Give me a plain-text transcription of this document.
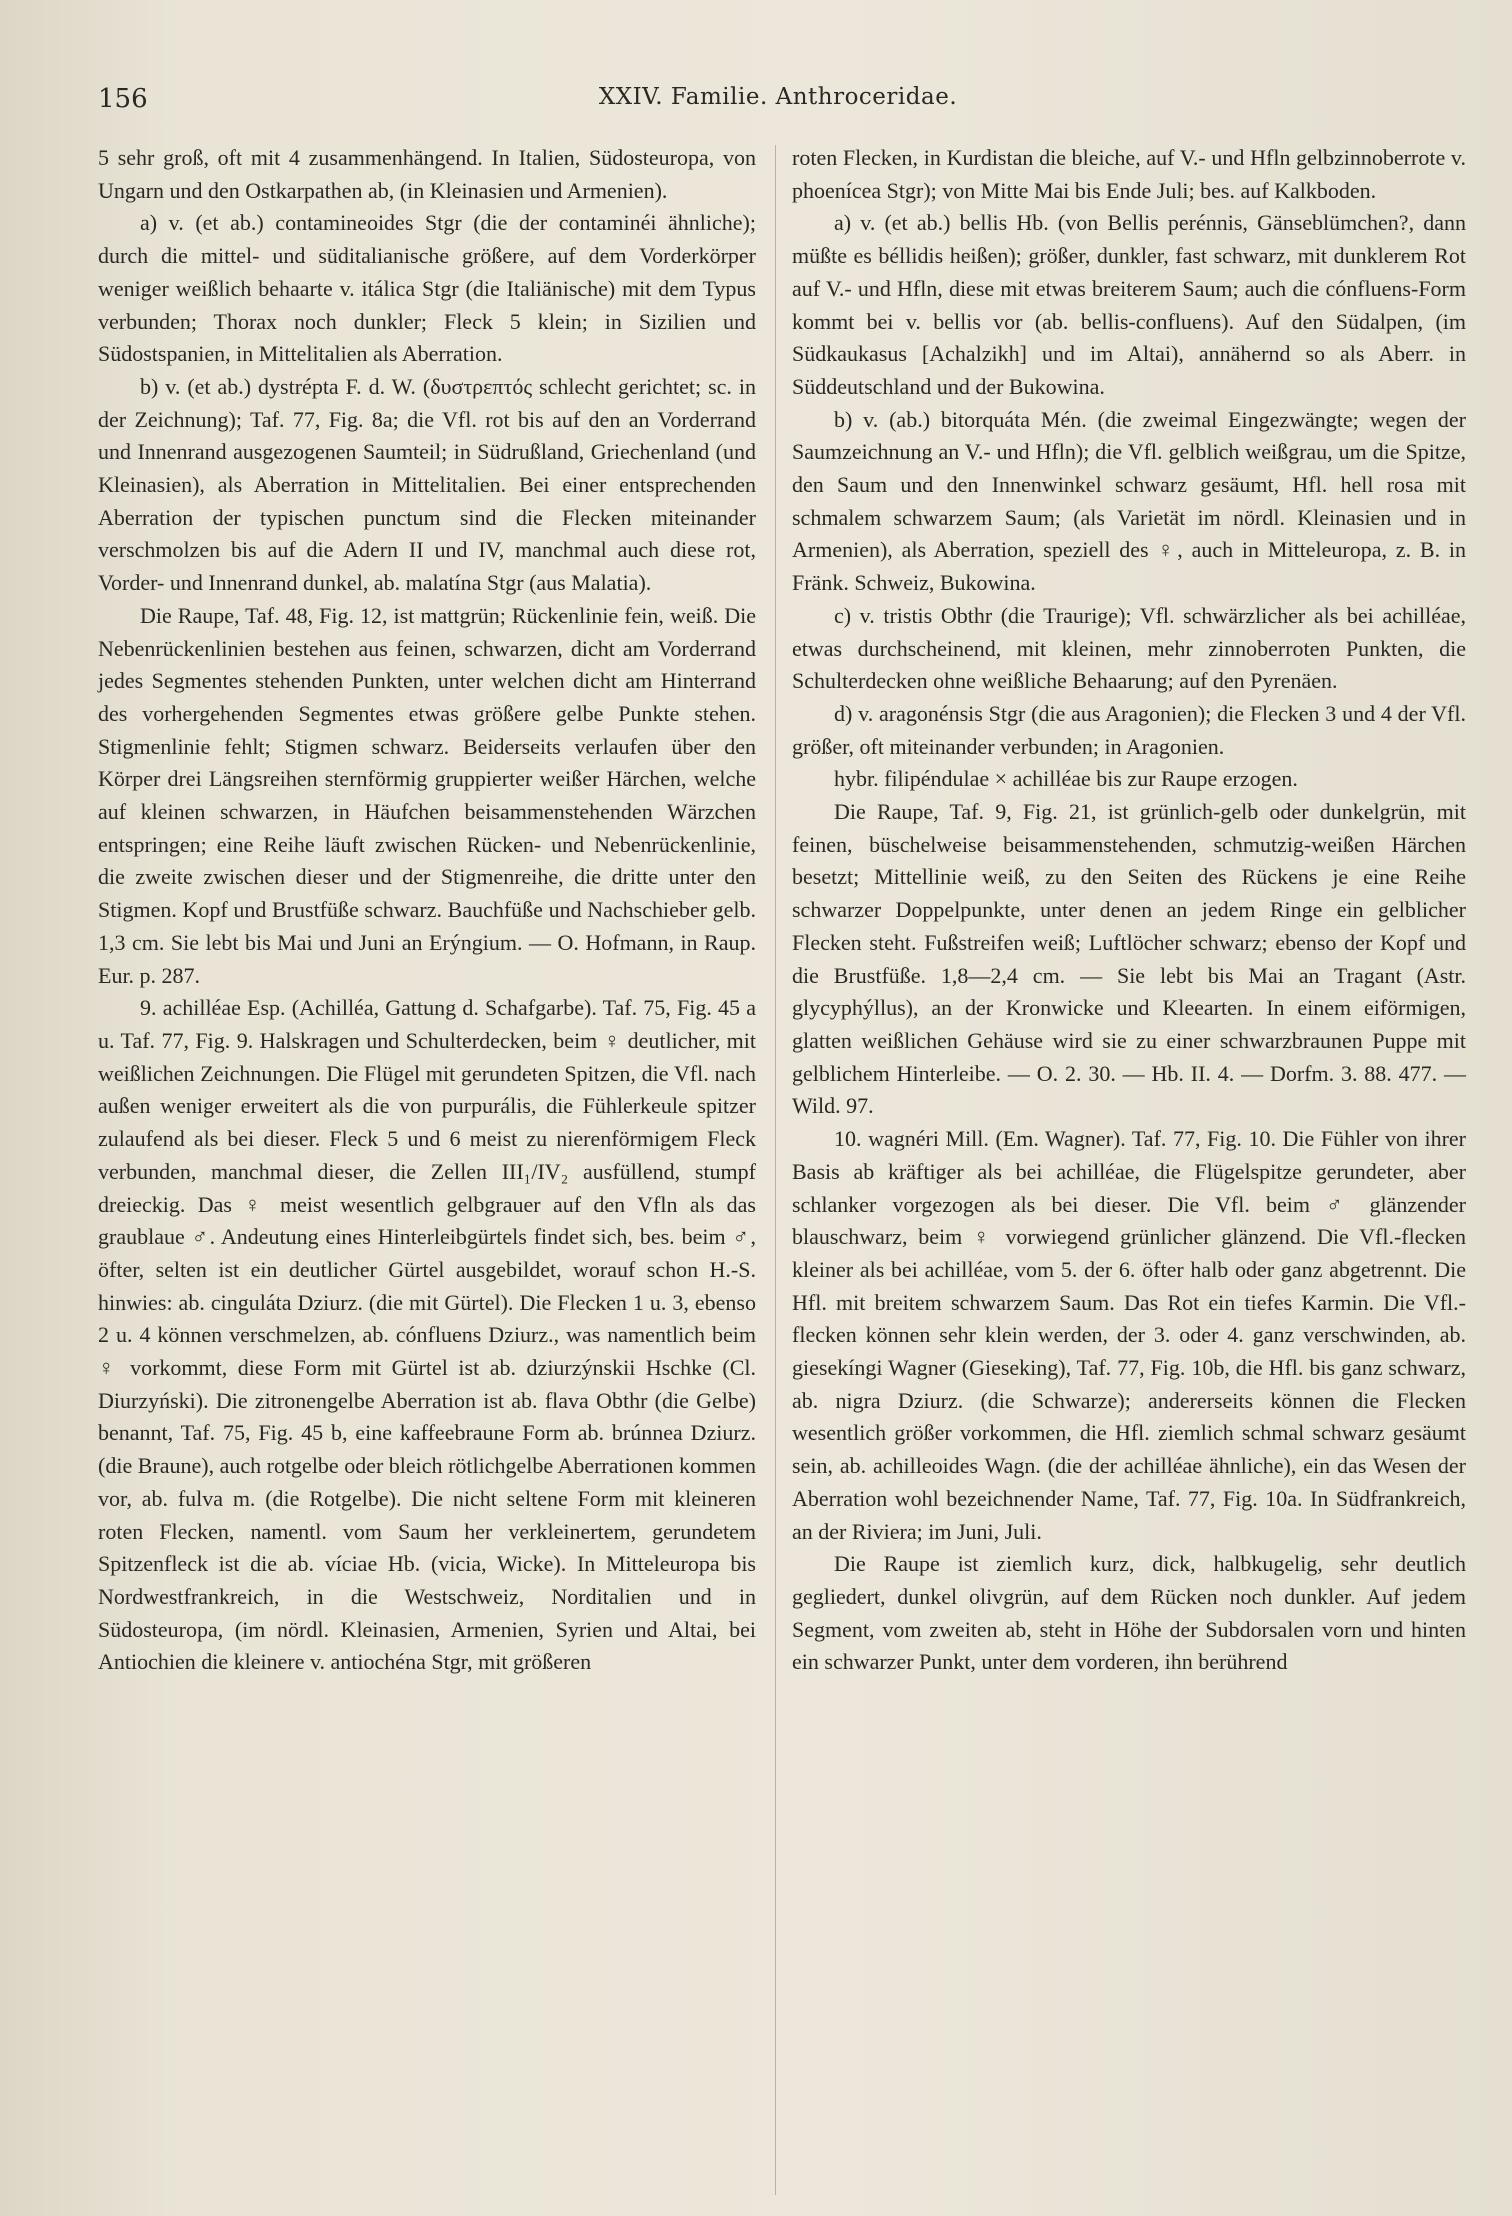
156	XXIV. Familie. Anthroceridae.

5 sehr groß, oft mit 4 zusammenhängend. In Italien, Südosteuropa, von Ungarn und den Ostkarpathen ab, (in Kleinasien und Armenien).

a) v. (et ab.) contamineoides Stgr (die der contaminéi ähnliche); durch die mittel- und süditalianische größere, auf dem Vorderkörper weniger weißlich behaarte v. itálica Stgr (die Italiänische) mit dem Typus verbunden; Thorax noch dunkler; Fleck 5 klein; in Sizilien und Südostspanien, in Mittelitalien als Aberration.

b) v. (et ab.) dystrépta F. d. W. (δυστρεπτός schlecht gerichtet; sc. in der Zeichnung); Taf. 77, Fig. 8a; die Vfl. rot bis auf den an Vorderrand und Innenrand ausgezogenen Saumteil; in Südrußland, Griechenland (und Kleinasien), als Aberration in Mittelitalien. Bei einer entsprechenden Aberration der typischen punctum sind die Flecken miteinander verschmolzen bis auf die Adern II und IV, manchmal auch diese rot, Vorder- und Innenrand dunkel, ab. malatína Stgr (aus Malatia).

Die Raupe, Taf. 48, Fig. 12, ist mattgrün; Rückenlinie fein, weiß. Die Nebenrückenlinien bestehen aus feinen, schwarzen, dicht am Vorderrand jedes Segmentes stehenden Punkten, unter welchen dicht am Hinterrand des vorhergehenden Segmentes etwas größere gelbe Punkte stehen. Stigmenlinie fehlt; Stigmen schwarz. Beiderseits verlaufen über den Körper drei Längsreihen sternförmig gruppierter weißer Härchen, welche auf kleinen schwarzen, in Häufchen beisammenstehenden Wärzchen entspringen; eine Reihe läuft zwischen Rücken- und Nebenrückenlinie, die zweite zwischen dieser und der Stigmenreihe, die dritte unter den Stigmen. Kopf und Brustfüße schwarz. Bauchfüße und Nachschieber gelb. 1,3 cm. Sie lebt bis Mai und Juni an Erýngium. — O. Hofmann, in Raup. Eur. p. 287.

9. achilléae Esp. (Achilléa, Gattung d. Schafgarbe). Taf. 75, Fig. 45 a u. Taf. 77, Fig. 9. Halskragen und Schulterdecken, beim ♀ deutlicher, mit weißlichen Zeichnungen. Die Flügel mit gerundeten Spitzen, die Vfl. nach außen weniger erweitert als die von purpurális, die Fühlerkeule spitzer zulaufend als bei dieser. Fleck 5 und 6 meist zu nierenförmigem Fleck verbunden, manchmal dieser, die Zellen III₁/IV₂ ausfüllend, stumpf dreieckig. Das ♀ meist wesentlich gelbgrauer auf den Vfln als das graublaue ♂. Andeutung eines Hinterleibgürtels findet sich, bes. beim ♂, öfter, selten ist ein deutlicher Gürtel ausgebildet, worauf schon H.-S. hinwies: ab. cinguláta Dziurz. (die mit Gürtel). Die Flecken 1 u. 3, ebenso 2 u. 4 können verschmelzen, ab. cónfluens Dziurz., was namentlich beim ♀ vorkommt, diese Form mit Gürtel ist ab. dziurzýnskii Hschke (Cl. Diurzyński). Die zitronengelbe Aberration ist ab. flava Obthr (die Gelbe) benannt, Taf. 75, Fig. 45 b, eine kaffeebraune Form ab. brúnnea Dziurz. (die Braune), auch rotgelbe oder bleich rötlichgelbe Aberrationen kommen vor, ab. fulva m. (die Rotgelbe). Die nicht seltene Form mit kleineren roten Flecken, namentl. vom Saum her verkleinertem, gerundetem Spitzenfleck ist die ab. víciae Hb. (vicia, Wicke). In Mitteleuropa bis Nordwestfrankreich, in die Westschweiz, Norditalien und in Südosteuropa, (im nördl. Kleinasien, Armenien, Syrien und Altai, bei Antiochien die kleinere v. antiochéna Stgr, mit größeren

roten Flecken, in Kurdistan die bleiche, auf V.- und Hfln gelbzinnoberrote v. phoenícea Stgr); von Mitte Mai bis Ende Juli; bes. auf Kalkboden.

a) v. (et ab.) bellis Hb. (von Bellis perénnis, Gänseblümchen?, dann müßte es béllidis heißen); größer, dunkler, fast schwarz, mit dunklerem Rot auf V.- und Hfln, diese mit etwas breiterem Saum; auch die cónfluens-Form kommt bei v. bellis vor (ab. bellis-confluens). Auf den Südalpen, (im Südkaukasus [Achalzikh] und im Altai), annähernd so als Aberr. in Süddeutschland und der Bukowina.

b) v. (ab.) bitorquáta Mén. (die zweimal Eingezwängte; wegen der Saumzeichnung an V.- und Hfln); die Vfl. gelblich weißgrau, um die Spitze, den Saum und den Innenwinkel schwarz gesäumt, Hfl. hell rosa mit schmalem schwarzem Saum; (als Varietät im nördl. Kleinasien und in Armenien), als Aberration, speziell des ♀, auch in Mitteleuropa, z. B. in Fränk. Schweiz, Bukowina.

c) v. tristis Obthr (die Traurige); Vfl. schwärzlicher als bei achilléae, etwas durchscheinend, mit kleinen, mehr zinnoberroten Punkten, die Schulterdecken ohne weißliche Behaarung; auf den Pyrenäen.

d) v. aragonénsis Stgr (die aus Aragonien); die Flecken 3 und 4 der Vfl. größer, oft miteinander verbunden; in Aragonien.

hybr. filipéndulae × achilléae bis zur Raupe erzogen.

Die Raupe, Taf. 9, Fig. 21, ist grünlich-gelb oder dunkelgrün, mit feinen, büschelweise beisammenstehenden, schmutzig-weißen Härchen besetzt; Mittellinie weiß, zu den Seiten des Rückens je eine Reihe schwarzer Doppelpunkte, unter denen an jedem Ringe ein gelblicher Flecken steht. Fußstreifen weiß; Luftlöcher schwarz; ebenso der Kopf und die Brustfüße. 1,8—2,4 cm. — Sie lebt bis Mai an Tragant (Astr. glycyphýllus), an der Kronwicke und Kleearten. In einem eiförmigen, glatten weißlichen Gehäuse wird sie zu einer schwarzbraunen Puppe mit gelblichem Hinterleibe. — O. 2. 30. — Hb. II. 4. — Dorfm. 3. 88. 477. — Wild. 97.

10. wagnéri Mill. (Em. Wagner). Taf. 77, Fig. 10. Die Fühler von ihrer Basis ab kräftiger als bei achilléae, die Flügelspitze gerundeter, aber schlanker vorgezogen als bei dieser. Die Vfl. beim ♂ glänzender blauschwarz, beim ♀ vorwiegend grünlicher glänzend. Die Vfl.-flecken kleiner als bei achilléae, vom 5. der 6. öfter halb oder ganz abgetrennt. Die Hfl. mit breitem schwarzem Saum. Das Rot ein tiefes Karmin. Die Vfl.-flecken können sehr klein werden, der 3. oder 4. ganz verschwinden, ab. giesekíngi Wagner (Gieseking), Taf. 77, Fig. 10b, die Hfl. bis ganz schwarz, ab. nigra Dziurz. (die Schwarze); andererseits können die Flecken wesentlich größer vorkommen, die Hfl. ziemlich schmal schwarz gesäumt sein, ab. achilleoides Wagn. (die der achilléae ähnliche), ein das Wesen der Aberration wohl bezeichnender Name, Taf. 77, Fig. 10a. In Südfrankreich, an der Riviera; im Juni, Juli.

Die Raupe ist ziemlich kurz, dick, halbkugelig, sehr deutlich gegliedert, dunkel olivgrün, auf dem Rücken noch dunkler. Auf jedem Segment, vom zweiten ab, steht in Höhe der Subdorsalen vorn und hinten ein schwarzer Punkt, unter dem vorderen, ihn berührend
